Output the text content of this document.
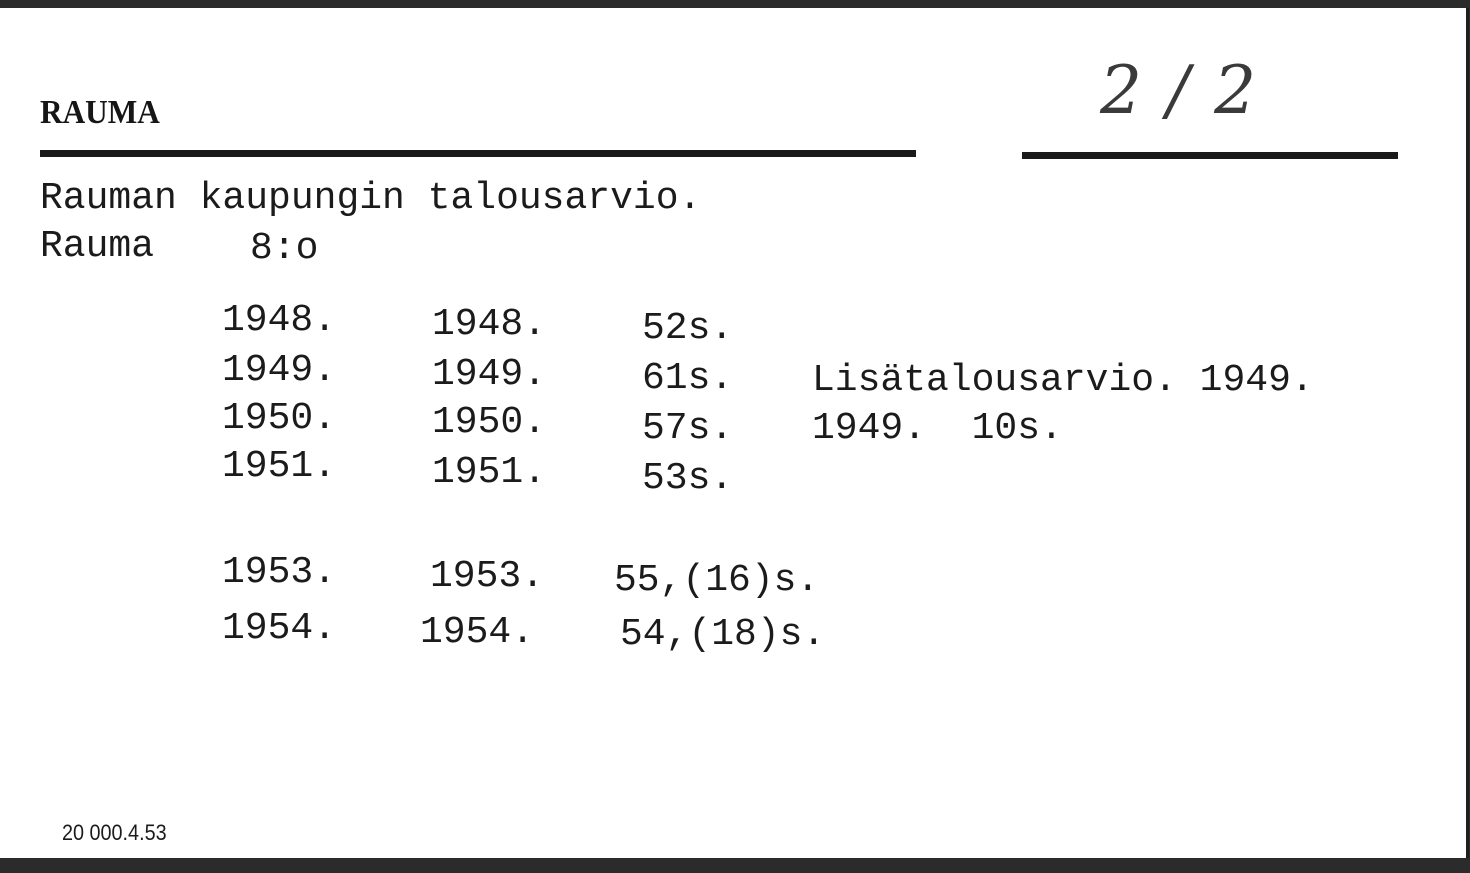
RAUMA	2 / 2
Rauman kaupungin talousarvio.
Rauma	8:o
1948.	1948.	52s.
1949.	1949.	61s. Lisätalousarvio. 1949.
1950.	1950.	57s. 1949.  10s.
1951.	1951.	53s.
1953. 1953. 55,(16)s.
1954. 1954. 54,(18)s.
20 000.4.53
